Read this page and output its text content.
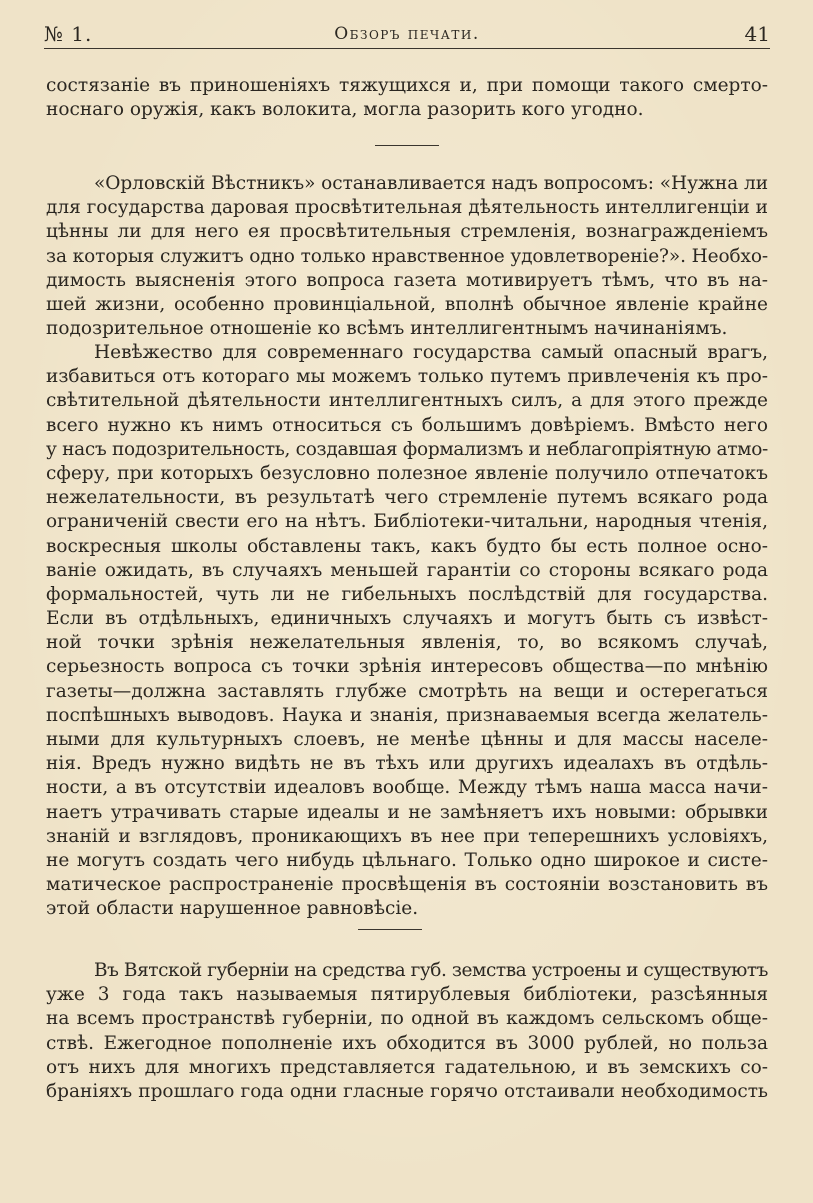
№ 1.	Обзоръ печати.	41
состязаніе въ приношеніяхъ тяжущихся и, при помощи такого смерто-
носнаго оружія, какъ волокита, могла разорить кого угодно.
«Орловскій Вѣстникъ» останавливается надъ вопросомъ: «Нужна ли
для государства даровая просвѣтительная дѣятельность интеллигенціи и
цѣнны ли для него ея просвѣтительныя стремленія, вознагражденіемъ
за которыя служитъ одно только нравственное удовлетвореніе?». Необхо-
димость выясненія этого вопроса газета мотивируетъ тѣмъ, что въ на-
шей жизни, особенно провинціальной, вполнѣ обычное явленіе крайне
подозрительное отношеніе ко всѣмъ интеллигентнымъ начинаніямъ.
Невѣжество для современнаго государства самый опасный врагъ,
избавиться отъ котораго мы можемъ только путемъ привлеченія къ про-
свѣтительной дѣятельности интеллигентныхъ силъ, а для этого прежде
всего нужно къ нимъ относиться съ большимъ довѣріемъ. Вмѣсто него
у насъ подозрительность, создавшая формализмъ и неблагопріятную атмо-
сферу, при которыхъ безусловно полезное явленіе получило отпечатокъ
нежелательности, въ результатѣ чего стремленіе путемъ всякаго рода
ограниченій свести его на нѣтъ. Библіотеки-читальни, народныя чтенія,
воскресныя школы обставлены такъ, какъ будто бы есть полное осно-
ваніе ожидать, въ случаяхъ меньшей гарантіи со стороны всякаго рода
формальностей, чуть ли не гибельныхъ послѣдствій для государства.
Если въ отдѣльныхъ, единичныхъ случаяхъ и могутъ быть съ извѣст-
ной точки зрѣнія нежелательныя явленія, то, во всякомъ случаѣ,
серьезность вопроса съ точки зрѣнія интересовъ общества—по мнѣнію
газеты—должна заставлять глубже смотрѣть на вещи и остерегаться
поспѣшныхъ выводовъ. Наука и знанія, признаваемыя всегда желатель-
ными для культурныхъ слоевъ, не менѣе цѣнны и для массы населе-
нія. Вредъ нужно видѣть не въ тѣхъ или другихъ идеалахъ въ отдѣль-
ности, а въ отсутствіи идеаловъ вообще. Между тѣмъ наша масса начи-
наетъ утрачивать старые идеалы и не замѣняетъ ихъ новыми: обрывки
знаній и взглядовъ, проникающихъ въ нее при теперешнихъ условіяхъ,
не могутъ создать чего нибудь цѣльнаго. Только одно широкое и систе-
матическое распространеніе просвѣщенія въ состояніи возстановить въ
этой области нарушенное равновѣсіе.
Въ Вятской губерніи на средства губ. земства устроены и существуютъ
уже 3 года такъ называемыя пятирублевыя библіотеки, разсѣянныя
на всемъ пространствѣ губерніи, по одной въ каждомъ сельскомъ обще-
ствѣ. Ежегодное пополненіе ихъ обходится въ 3000 рублей, но польза
отъ нихъ для многихъ представляется гадательною, и въ земскихъ со-
браніяхъ прошлаго года одни гласные горячо отстаивали необходимость
